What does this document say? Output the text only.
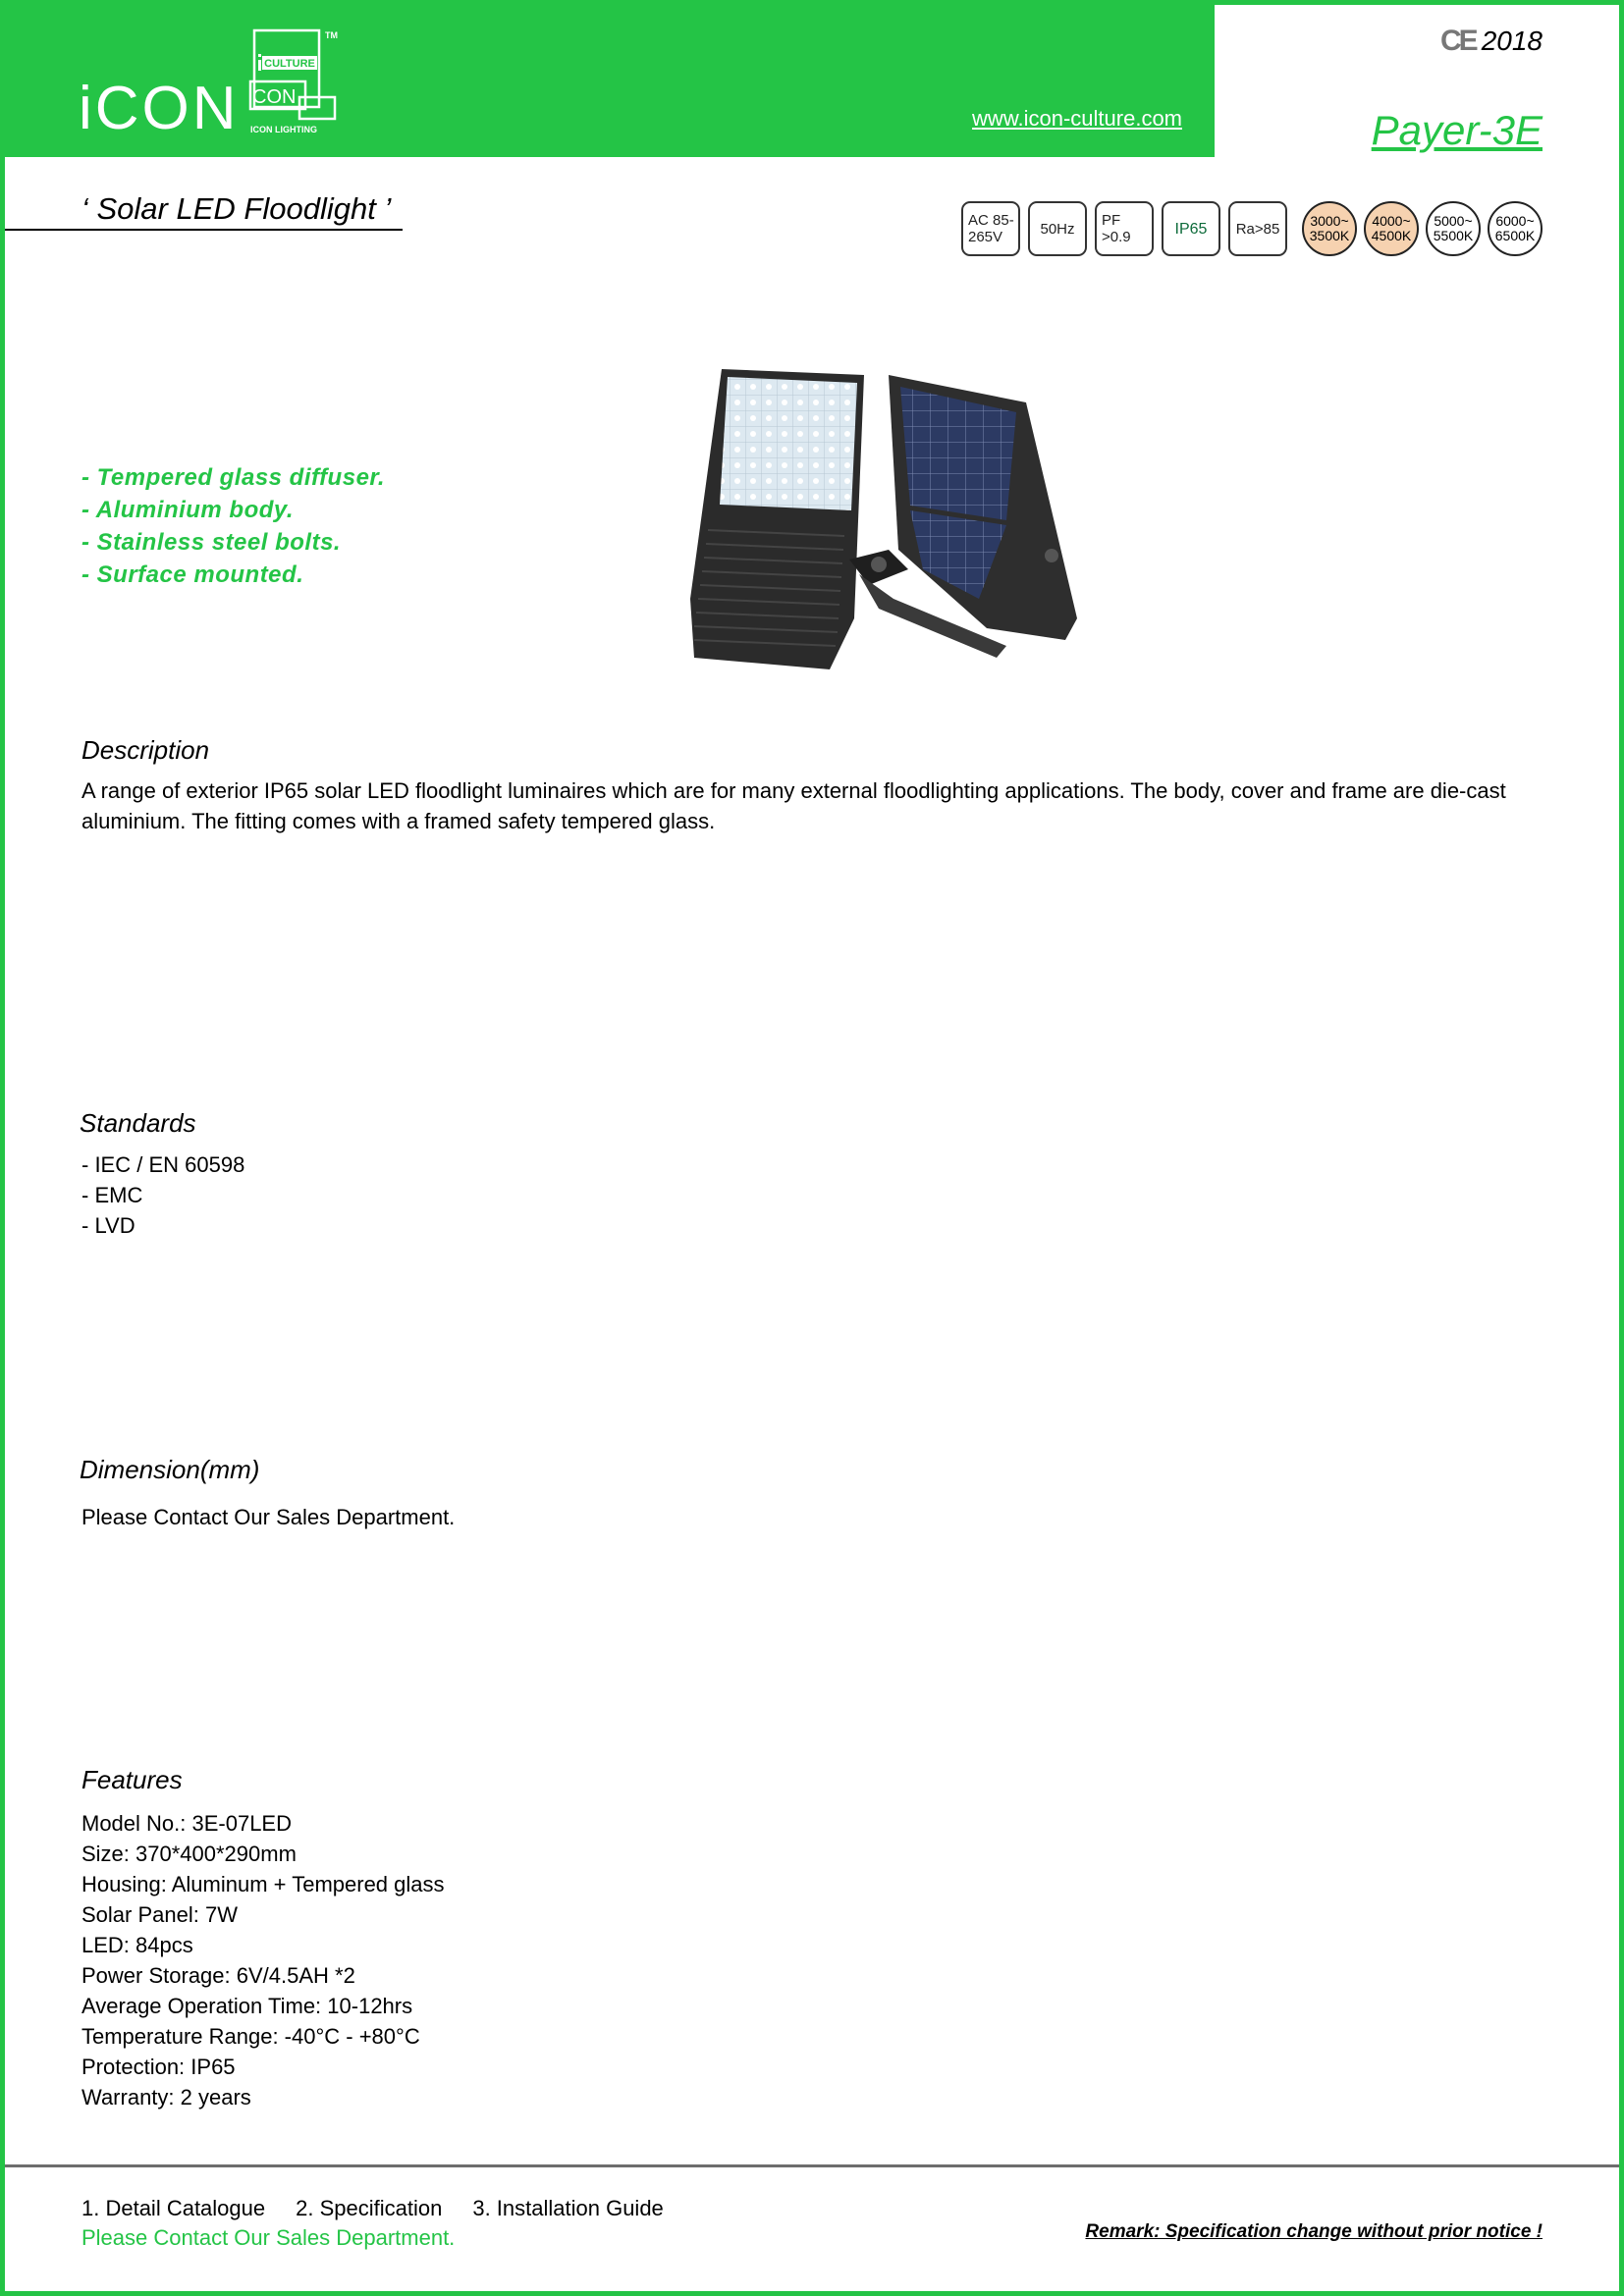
iCON
CULTURE
CON
ICON LIGHTING
TM
www.icon-culture.com
CE 2018
Payer-3E
‘ Solar LED Floodlight ’	AC 85-
265V	50Hz PF
>0.9	IP65 Ra>85 3000~
3500K
4000~
4500K
5000~
5500K
6000~
6500K
- Tempered glass diffuser.
- Aluminium body.
- Stainless steel bolts.
- Surface mounted.
Description
A range of exterior IP65 solar LED floodlight luminaires which are for many external floodlighting applications. The body, cover and frame are die-cast aluminium. The fitting comes with a framed safety tempered glass.
Standards
- IEC / EN 60598
- EMC
- LVD
Dimension(mm)
Please Contact Our Sales Department.
Features
Model No.: 3E-07LED
Size: 370*400*290mm
Housing: Aluminum + Tempered glass
Solar Panel: 7W
LED: 84pcs
Power Storage: 6V/4.5AH *2
Average Operation Time: 10-12hrs
Temperature Range: -40°C - +80°C
Protection: IP65
Warranty: 2 years
1. Detail Catalogue 2. Specification 3. Installation Guide
Please Contact Our Sales Department.	Remark: Specification change without prior notice !
